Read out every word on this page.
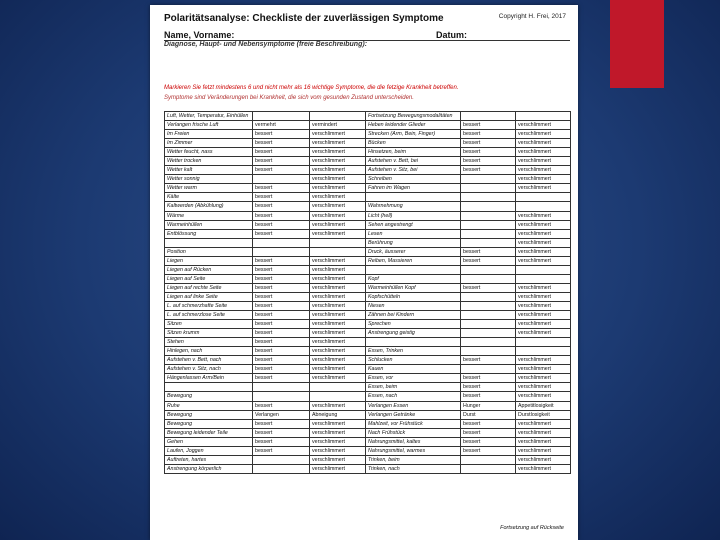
Polaritätsanalyse: Checkliste der zuverlässigen Symptome	Copyright H. Frei, 2017
Name, Vorname:	Datum:
Diagnose, Haupt- und Nebensymptome (freie Beschreibung):
Markieren Sie fetzt mindestens 6 und nicht mehr als 16 wichtige Symptome, die die fetzige Krankheit betreffen.
Symptome sind Veränderungen bei Krankheit, die sich vom gesunden Zustand unterscheiden.
Luft, Wetter, Temperatur, Einhüllen			Fortsetzung Bewegungsmodalitäten		
Verlangen frische Luft	vermehrt	vermindert	Heben leidender Glieder	bessert	verschlimmert
Im Freien	bessert	verschlimmert	Strecken (Arm, Bein, Finger)	bessert	verschlimmert
Im Zimmer	bessert	verschlimmert	Bücken	bessert	verschlimmert
Wetter feucht, nass	bessert	verschlimmert	Hinsetzen, beim	bessert	verschlimmert
Wetter trocken	bessert	verschlimmert	Aufstehen v. Bett, bei	bessert	verschlimmert
Wetter kalt	bessert	verschlimmert	Aufstehen v. Sitz, bei	bessert	verschlimmert
Wetter sonnig		verschlimmert	Schreiben		verschlimmert
Wetter warm	bessert	verschlimmert	Fahren im Wagen		verschlimmert
Kälte	bessert	verschlimmert			
Kaltwerden (Abkühlung)	bessert	verschlimmert	Wahrnehmung		
Wärme	bessert	verschlimmert	Licht (hell)		verschlimmert
Warmeinhüllen	bessert	verschlimmert	Sehen angestrengt		verschlimmert
Entblössung	bessert	verschlimmert	Lesen		verschlimmert
			Berührung		verschlimmert
Position			Druck, äusserer	bessert	verschlimmert
Liegen	bessert	verschlimmert	Reiben, Massieren	bessert	verschlimmert
Liegen auf Rücken	bessert	verschlimmert			
Liegen auf Seite	bessert	verschlimmert	Kopf		
Liegen auf rechte Seite	bessert	verschlimmert	Warmeinhüllen Kopf	bessert	verschlimmert
Liegen auf linke Seite	bessert	verschlimmert	Kopfschütteln		verschlimmert
L. auf schmerzhafte Seite	bessert	verschlimmert	Niesen		verschlimmert
L. auf schmerzlose Seite	bessert	verschlimmert	Zähnen bei Kindern		verschlimmert
Sitzen	bessert	verschlimmert	Sprechen		verschlimmert
Sitzen krumm	bessert	verschlimmert	Anstrengung geistig		verschlimmert
Stehen	bessert	verschlimmert			
Hinlegen, nach	bessert	verschlimmert	Essen, Trinken		
Aufstehen v. Bett, nach	bessert	verschlimmert	Schlucken	bessert	verschlimmert
Aufstehen v. Sitz, nach	bessert	verschlimmert	Kauen		verschlimmert
Hängenlassen Arm/Bein	bessert	verschlimmert	Essen, vor	bessert	verschlimmert
			Essen, beim	bessert	verschlimmert
Bewegung			Essen, nach	bessert	verschlimmert
Ruhe	bessert	verschlimmert	Verlangen Essen	Hunger	Appetitlosigkeit
Bewegung	Verlangen	Abneigung	Verlangen Getränke	Durst	Durstlosigkeit
Bewegung	bessert	verschlimmert	Mahlzeit, vor Frühstück	bessert	verschlimmert
Bewegung leidender Teile	bessert	verschlimmert	Nach Frühstück	bessert	verschlimmert
Gehen	bessert	verschlimmert	Nahrungsmittel, kaltes	bessert	verschlimmert
Laufen, Joggen	bessert	verschlimmert	Nahrungsmittel, warmes	bessert	verschlimmert
Auftreten, hartes		verschlimmert	Trinken, beim		verschlimmert
Anstrengung körperlich		verschlimmert	Trinken, nach		verschlimmert
Fortsetzung auf Rückseite
